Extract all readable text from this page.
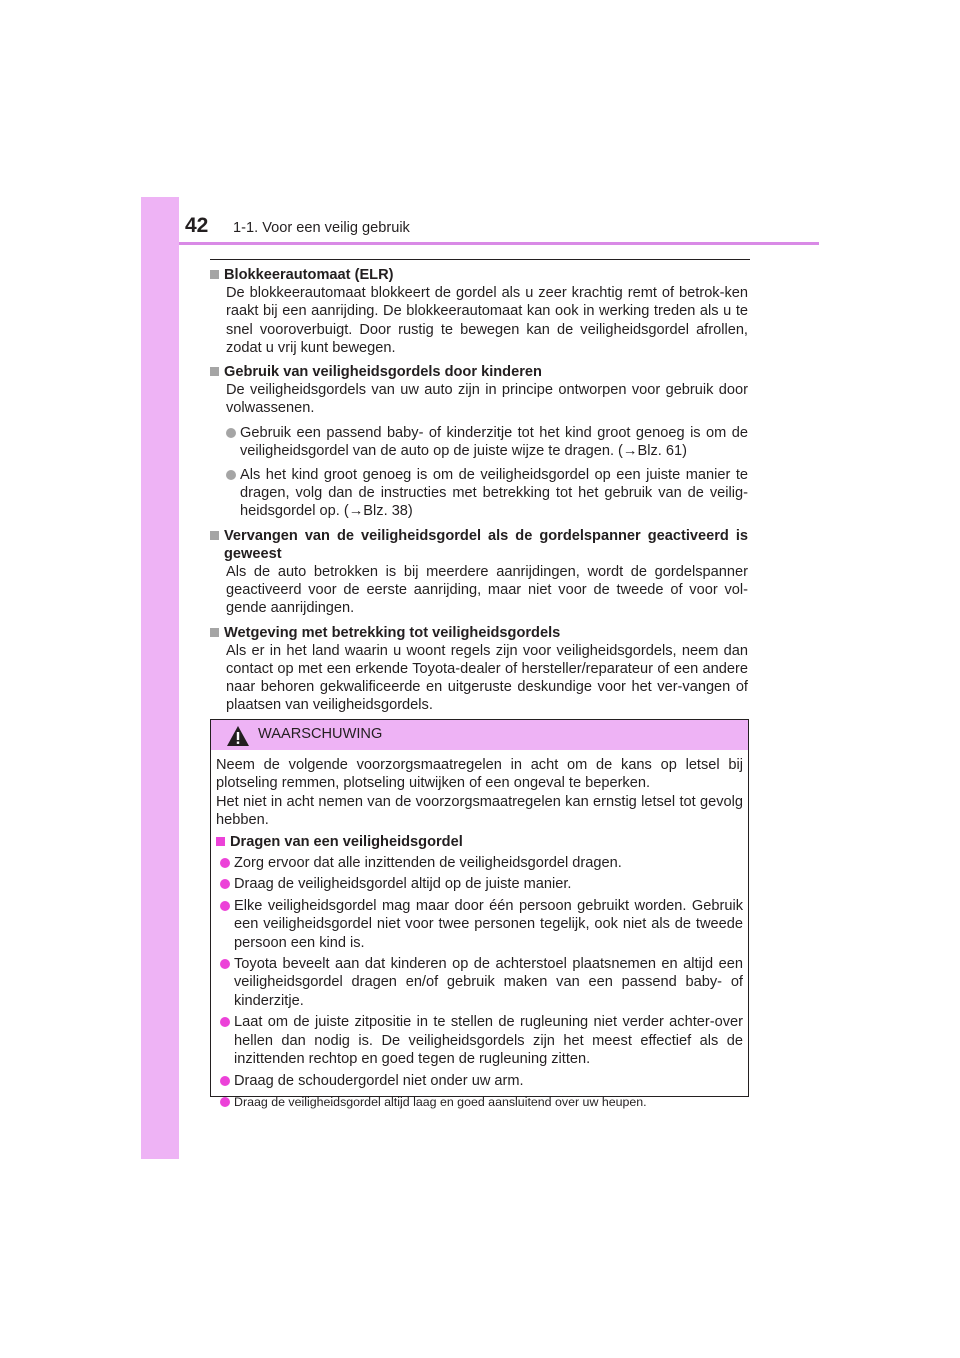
42 1-1. Voor een veilig gebruik
Blokkeerautomaat (ELR)
De blokkeerautomaat blokkeert de gordel als u zeer krachtig remt of betrok-ken raakt bij een aanrijding. De blokkeerautomaat kan ook in werking treden als u te snel vooroverbuigt. Door rustig te bewegen kan de veiligheidsgordel afrollen, zodat u vrij kunt bewegen.
Gebruik van veiligheidsgordels door kinderen
De veiligheidsgordels van uw auto zijn in principe ontworpen voor gebruik door volwassenen.
Gebruik een passend baby- of kinderzitje tot het kind groot genoeg is om de veiligheidsgordel van de auto op de juiste wijze te dragen. (→Blz. 61)
Als het kind groot genoeg is om de veiligheidsgordel op een juiste manier te dragen, volg dan de instructies met betrekking tot het gebruik van de veilig-heidsgordel op. (→Blz. 38)
Vervangen van de veiligheidsgordel als de gordelspanner geactiveerd is geweest
Als de auto betrokken is bij meerdere aanrijdingen, wordt de gordelspanner geactiveerd voor de eerste aanrijding, maar niet voor de tweede of voor vol-gende aanrijdingen.
Wetgeving met betrekking tot veiligheidsgordels
Als er in het land waarin u woont regels zijn voor veiligheidsgordels, neem dan contact op met een erkende Toyota-dealer of hersteller/reparateur of een andere naar behoren gekwalificeerde en uitgeruste deskundige voor het ver-vangen of plaatsen van veiligheidsgordels.
WAARSCHUWING
Neem de volgende voorzorgsmaatregelen in acht om de kans op letsel bij plotseling remmen, plotseling uitwijken of een ongeval te beperken.
Het niet in acht nemen van de voorzorgsmaatregelen kan ernstig letsel tot gevolg hebben.
Dragen van een veiligheidsgordel
Zorg ervoor dat alle inzittenden de veiligheidsgordel dragen.
Draag de veiligheidsgordel altijd op de juiste manier.
Elke veiligheidsgordel mag maar door één persoon gebruikt worden. Gebruik een veiligheidsgordel niet voor twee personen tegelijk, ook niet als de tweede persoon een kind is.
Toyota beveelt aan dat kinderen op de achterstoel plaatsnemen en altijd een veiligheidsgordel dragen en/of gebruik maken van een passend baby- of kinderzitje.
Laat om de juiste zitpositie in te stellen de rugleuning niet verder achter-over hellen dan nodig is. De veiligheidsgordels zijn het meest effectief als de inzittenden rechtop en goed tegen de rugleuning zitten.
Draag de schoudergordel niet onder uw arm.
Draag de veiligheidsgordel altijd laag en goed aansluitend over uw heupen.
